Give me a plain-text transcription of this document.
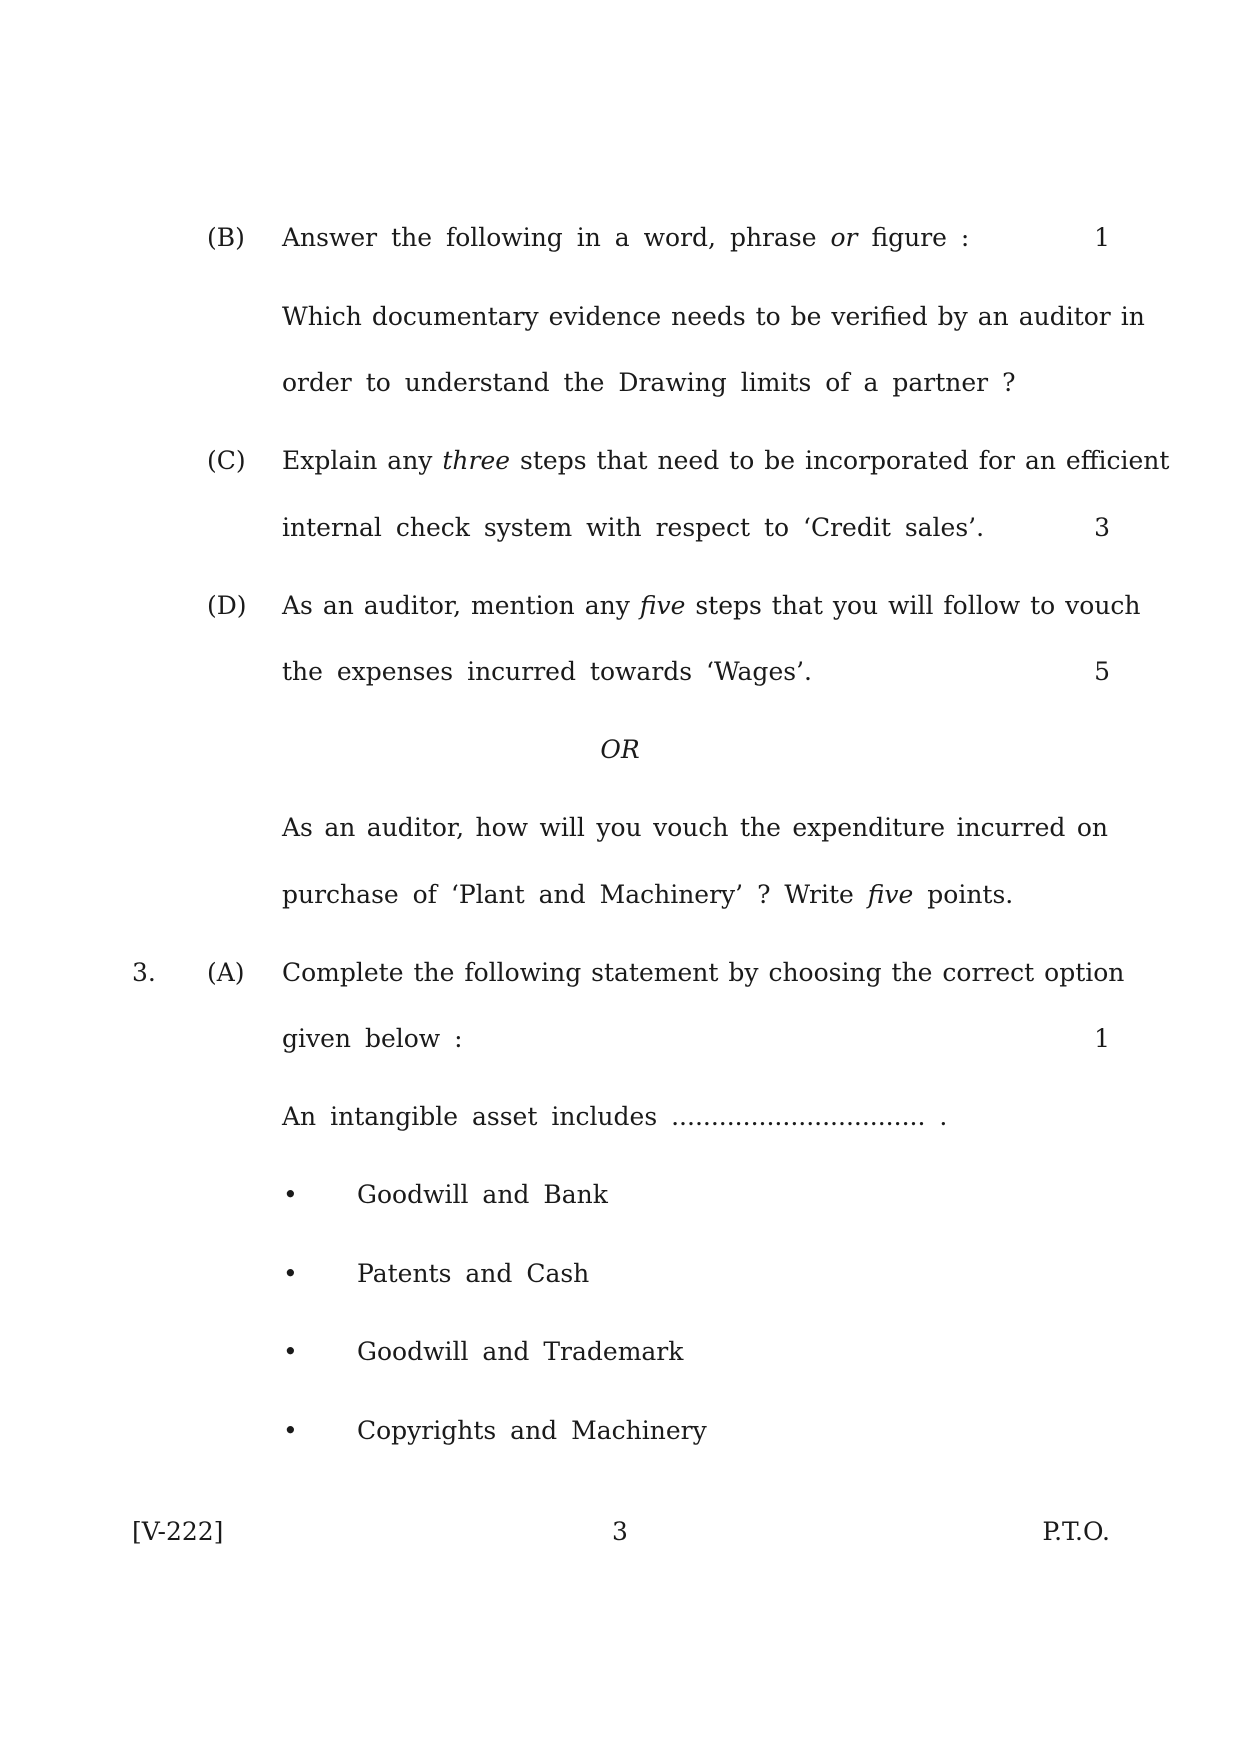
(B) Answer the following in a word, phrase or figure :	1
Which documentary evidence needs to be verified by an auditor in
order to understand the Drawing limits of a partner ?
(C) Explain any three steps that need to be incorporated for an efficient
internal check system with respect to ‘Credit sales’.	3
(D) As an auditor, mention any five steps that you will follow to vouch
the expenses incurred towards ‘Wages’.	5
OR
As an auditor, how will you vouch the expenditure incurred on
purchase of ‘Plant and Machinery’ ? Write five points.
3. (A) Complete the following statement by choosing the correct option
given below :	1
An intangible asset includes ................................ .
• Goodwill and Bank
• Patents and Cash
• Goodwill and Trademark
• Copyrights and Machinery
[V-222]	3	P.T.O.
